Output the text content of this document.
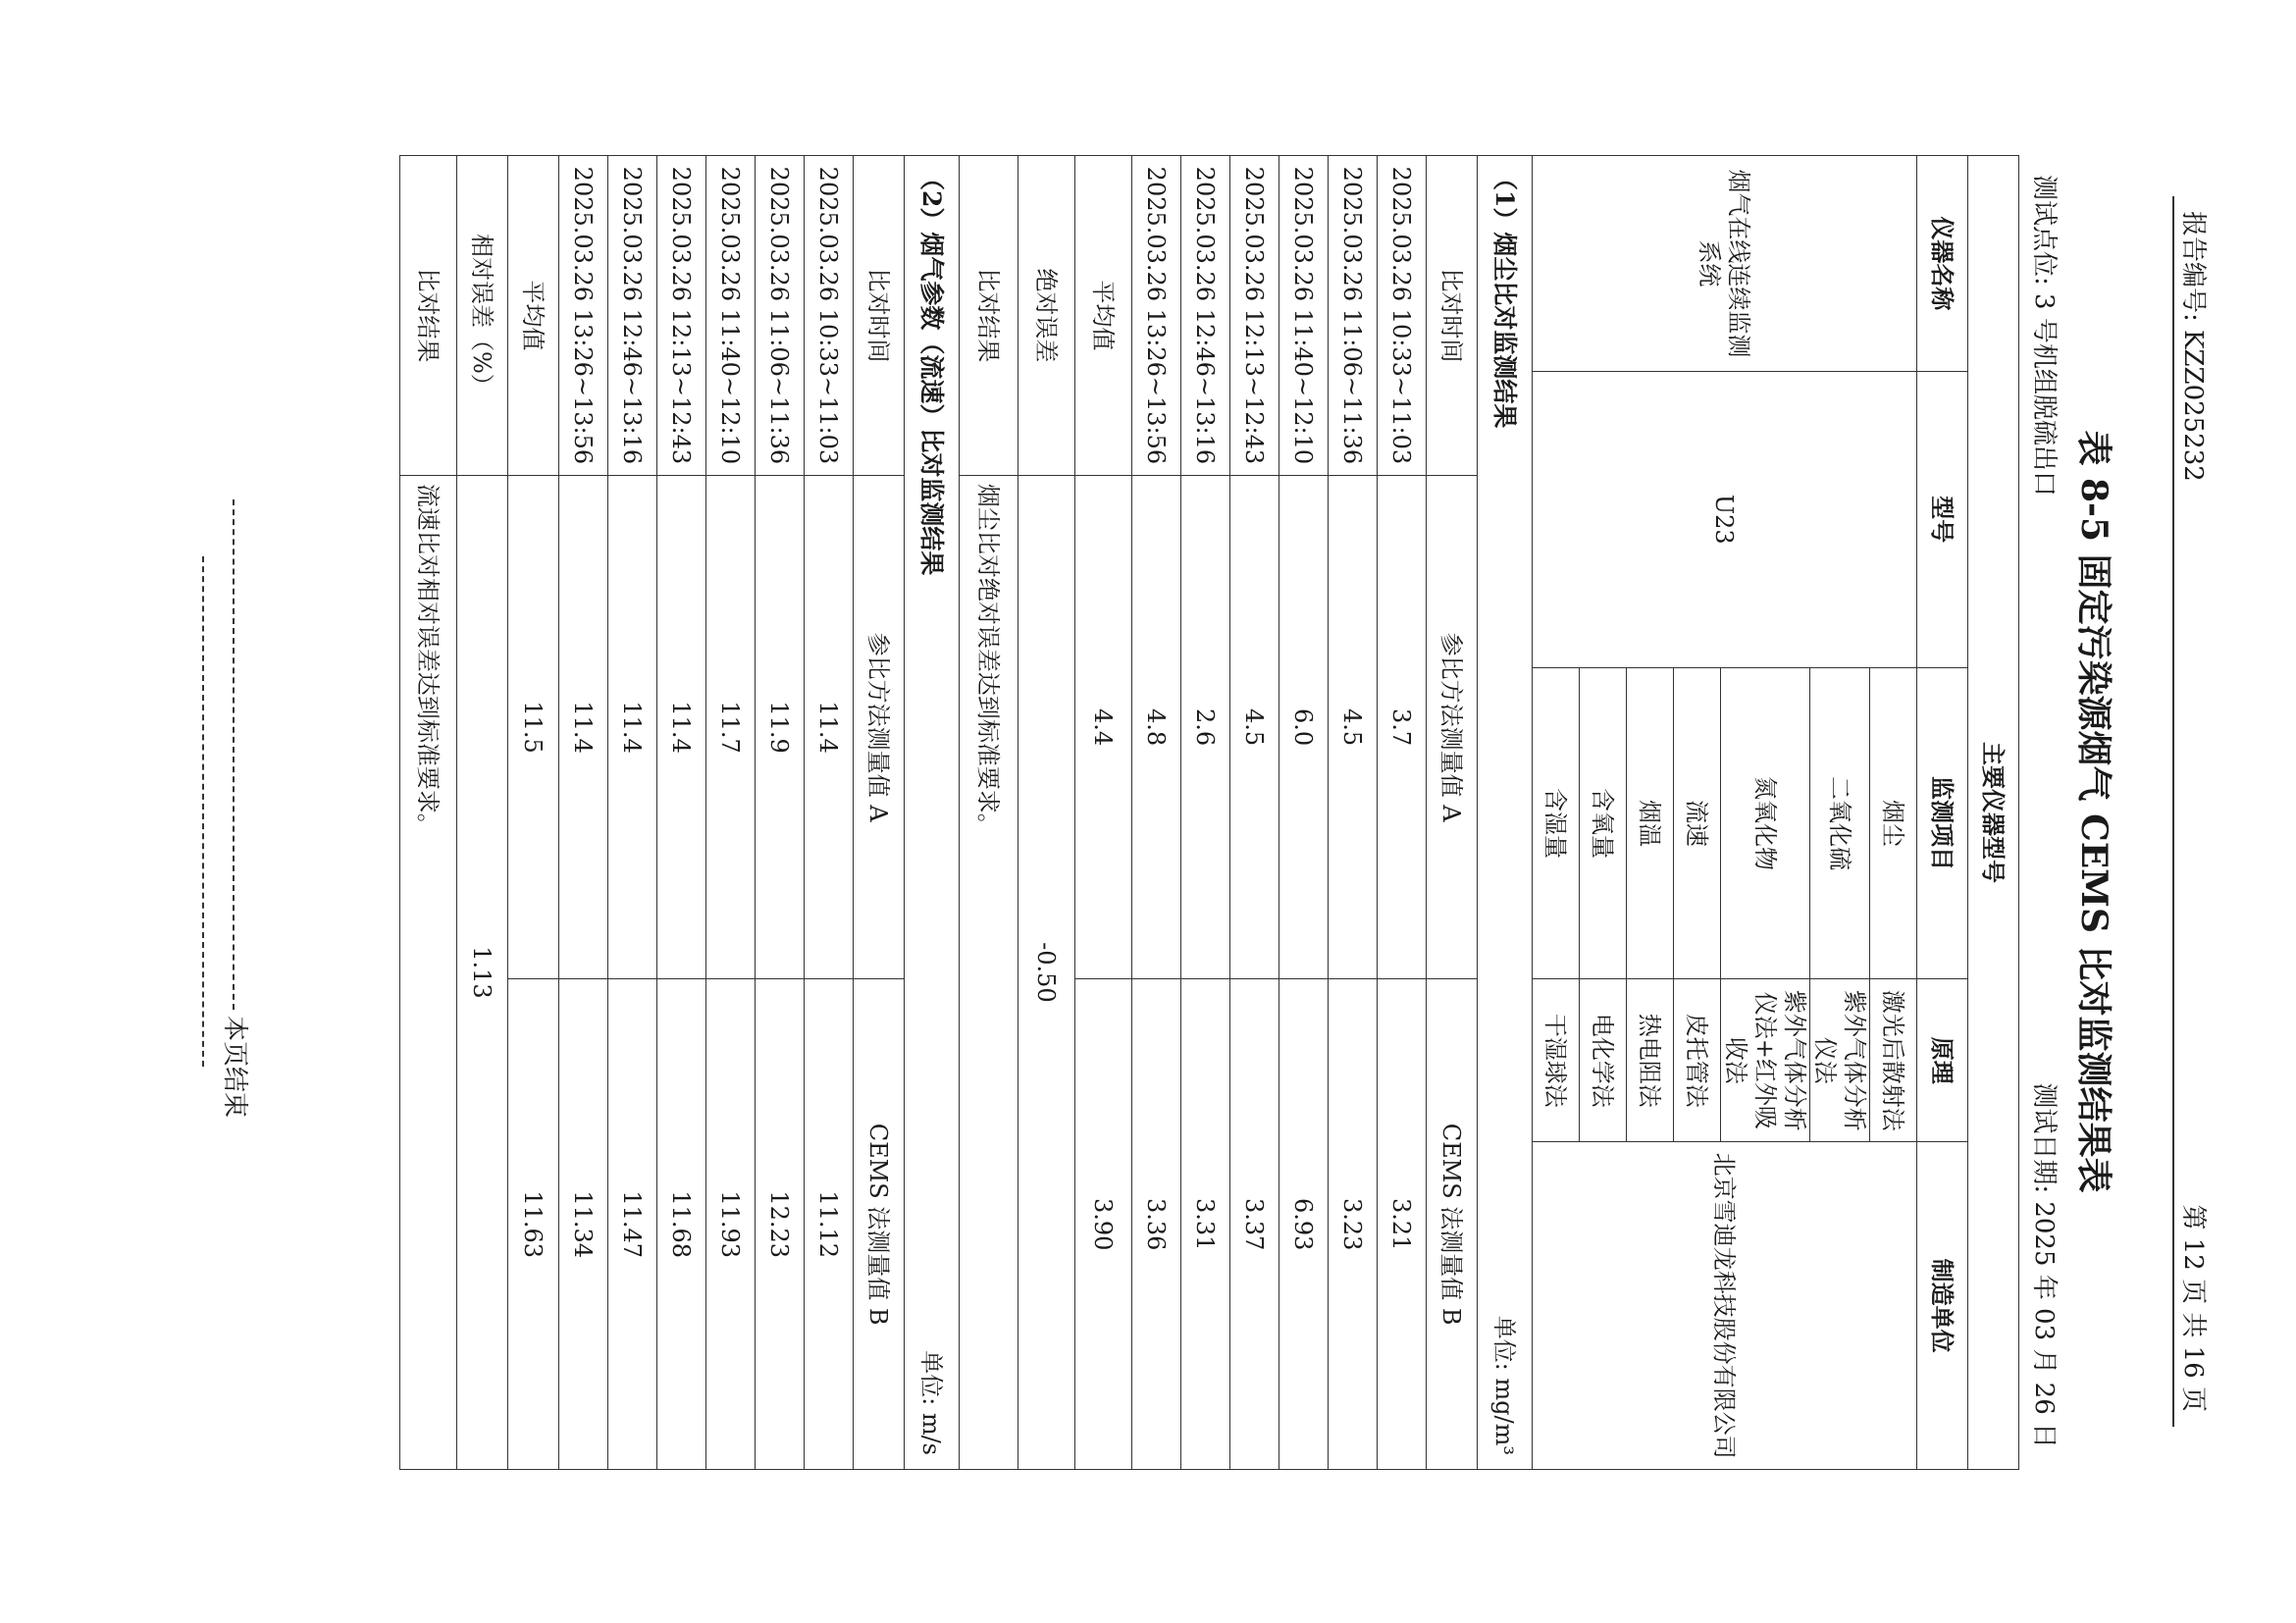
报告编号: KZZ025232
第 12 页 共 16 页
表 8-5 固定污染源烟气 CEMS 比对监测结果表
测试点位: 3 号机组脱硫出口
测试日期: 2025 年 03 月 26 日
主要仪器型号						
仪器名称	型号		监测项目		原理	制造单位
烟气在线连续监测系统	U23		烟尘		激光后散射法	北京雪迪龙科技股份有限公司
			二氧化硫		紫外气体分析仪法	
			氮氧化物		紫外气体分析仪法+红外吸收法	
			流速		皮托管法	
			烟温		热电阻法	
			含氧量		电化学法	
			含湿量		干湿球法	
（1）烟尘比对监测结果				单位: mg/m³		
比对时间		参比方法测量值 A			CEMS 法测量值 B	
2025.03.26 10:33~11:03		3.7			3.21	
2025.03.26 11:06~11:36		4.5			3.23	
2025.03.26 11:40~12:10		6.0			6.93	
2025.03.26 12:13~12:43		4.5			3.37	
2025.03.26 12:46~13:16		2.6			3.31	
2025.03.26 13:26~13:56		4.8			3.36	
平均值		4.4			3.90	
绝对误差		-0.50				
比对结果		烟尘比对绝对误差达到标准要求。				
（2）烟气参数（流速）比对监测结果				单位: m/s		
比对时间		参比方法测量值 A			CEMS 法测量值 B	
2025.03.26 10:33~11:03		11.4			11.12	
2025.03.26 11:06~11:36		11.9			12.23	
2025.03.26 11:40~12:10		11.7			11.93	
2025.03.26 12:13~12:43		11.4			11.68	
2025.03.26 12:46~13:16		11.4			11.47	
2025.03.26 13:26~13:56		11.4			11.34	
平均值		11.5			11.63	
相对误差（%）		1.13				
比对结果		流速比对相对误差达到标准要求。				
本页结束
